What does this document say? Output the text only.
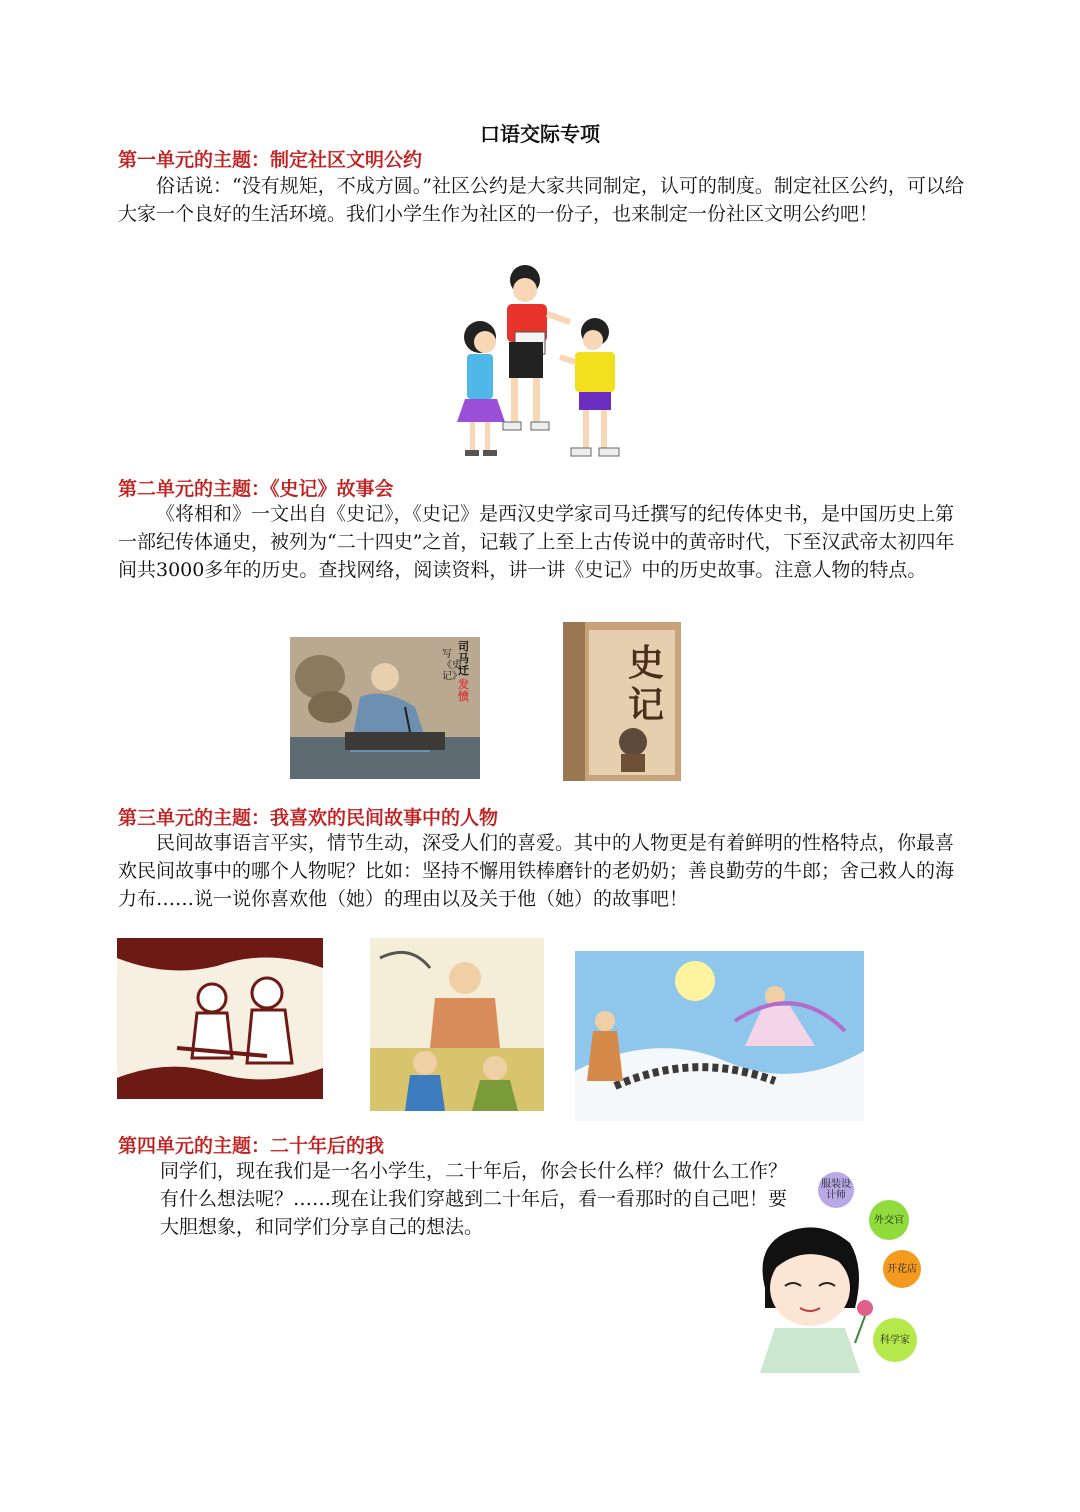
口语交际专项
第一单元的主题：制定社区文明公约
俗话说：“没有规矩，不成方圆。”社区公约是大家共同制定，认可的制度。制定社区公约，可以给大家一个良好的生活环境。我们小学生作为社区的一份子，也来制定一份社区文明公约吧！
第二单元的主题：《史记》故事会
《将相和》一文出自《史记》，《史记》是西汉史学家司马迁撰写的纪传体史书，是中国历史上第一部纪传体通史，被列为“二十四史”之首，记载了上至上古传说中的黄帝时代，下至汉武帝太初四年间共3000多年的历史。查找网络，阅读资料，讲一讲《史记》中的历史故事。注意人物的特点。
司马迁
发愤
写《史记》	史
记
第三单元的主题：我喜欢的民间故事中的人物
民间故事语言平实，情节生动，深受人们的喜爱。其中的人物更是有着鲜明的性格特点，你最喜欢民间故事中的哪个人物呢？比如：坚持不懈用铁棒磨针的老奶奶；善良勤劳的牛郎；舍己救人的海力布……说一说你喜欢他（她）的理由以及关于他（她）的故事吧！
第四单元的主题：二十年后的我
同学们，现在我们是一名小学生，二十年后，你会长什么样？做什么工作？有什么想法呢？……现在让我们穿越到二十年后，看一看那时的自己吧！要大胆想象，和同学们分享自己的想法。
服装设计师
外交官
开花店
科学家
